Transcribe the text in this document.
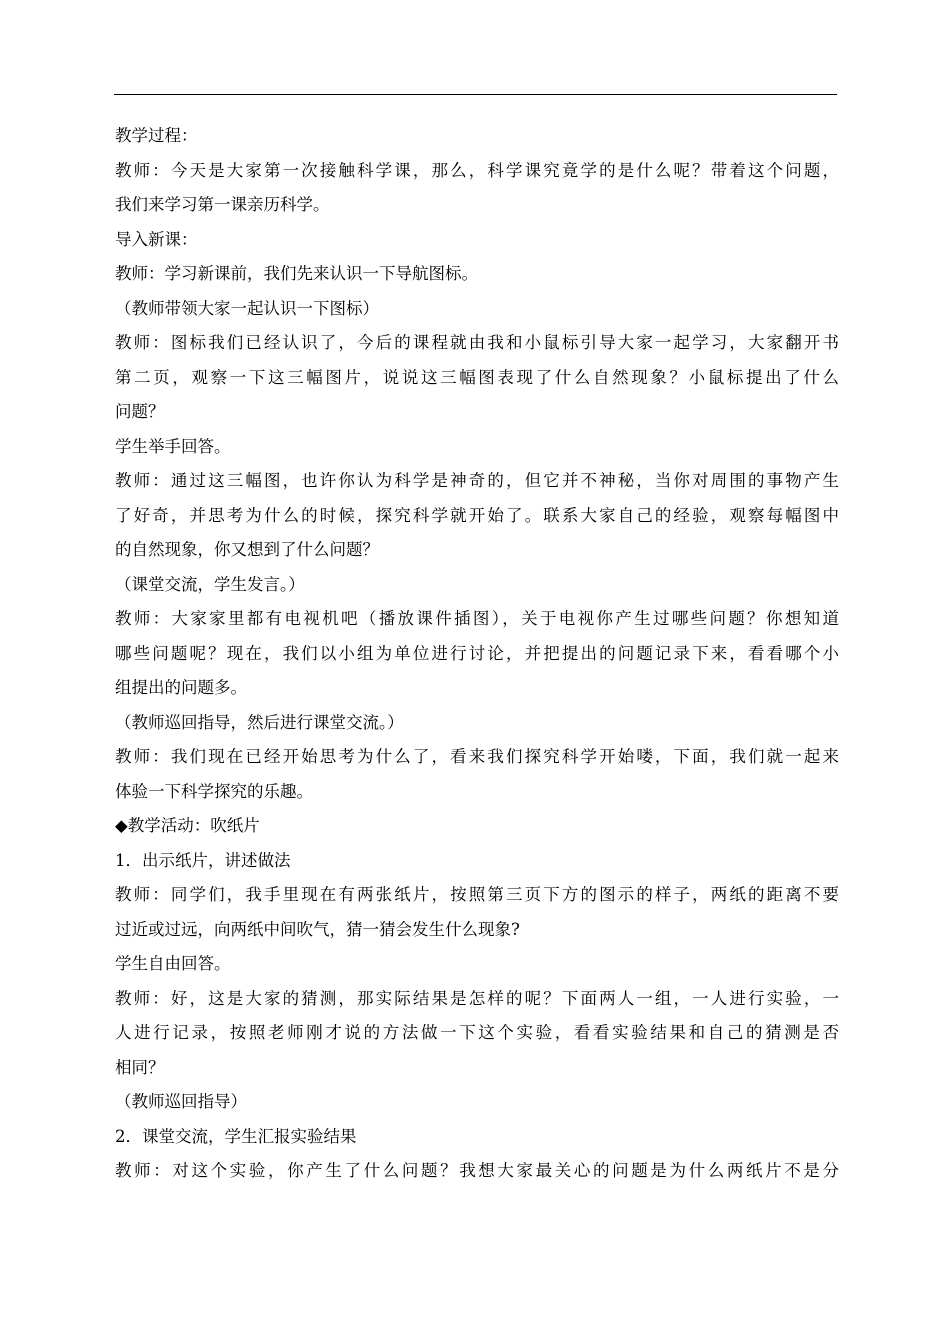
教学过程：
教师：今天是大家第一次接触科学课，那么，科学课究竟学的是什么呢？带着这个问题，
我们来学习第一课亲历科学。
导入新课：
教师：学习新课前，我们先来认识一下导航图标。
（教师带领大家一起认识一下图标）
教师：图标我们已经认识了，今后的课程就由我和小鼠标引导大家一起学习，大家翻开书
第二页，观察一下这三幅图片，说说这三幅图表现了什么自然现象？小鼠标提出了什么
问题？
学生举手回答。
教师：通过这三幅图，也许你认为科学是神奇的，但它并不神秘，当你对周围的事物产生
了好奇，并思考为什么的时候，探究科学就开始了。联系大家自己的经验，观察每幅图中
的自然现象，你又想到了什么问题？
（课堂交流，学生发言。）
教师：大家家里都有电视机吧（播放课件插图），关于电视你产生过哪些问题？你想知道
哪些问题呢？现在，我们以小组为单位进行讨论，并把提出的问题记录下来，看看哪个小
组提出的问题多。
（教师巡回指导，然后进行课堂交流。）
教师：我们现在已经开始思考为什么了，看来我们探究科学开始喽，下面，我们就一起来
体验一下科学探究的乐趣。
◆教学活动：吹纸片
1．出示纸片，讲述做法
教师：同学们，我手里现在有两张纸片，按照第三页下方的图示的样子，两纸的距离不要
过近或过远，向两纸中间吹气，猜一猜会发生什么现象?
学生自由回答。
教师：好，这是大家的猜测，那实际结果是怎样的呢？下面两人一组，一人进行实验，一
人进行记录，按照老师刚才说的方法做一下这个实验，看看实验结果和自己的猜测是否
相同？
（教师巡回指导）
2．课堂交流，学生汇报实验结果
教师：对这个实验，你产生了什么问题？我想大家最关心的问题是为什么两纸片不是分
